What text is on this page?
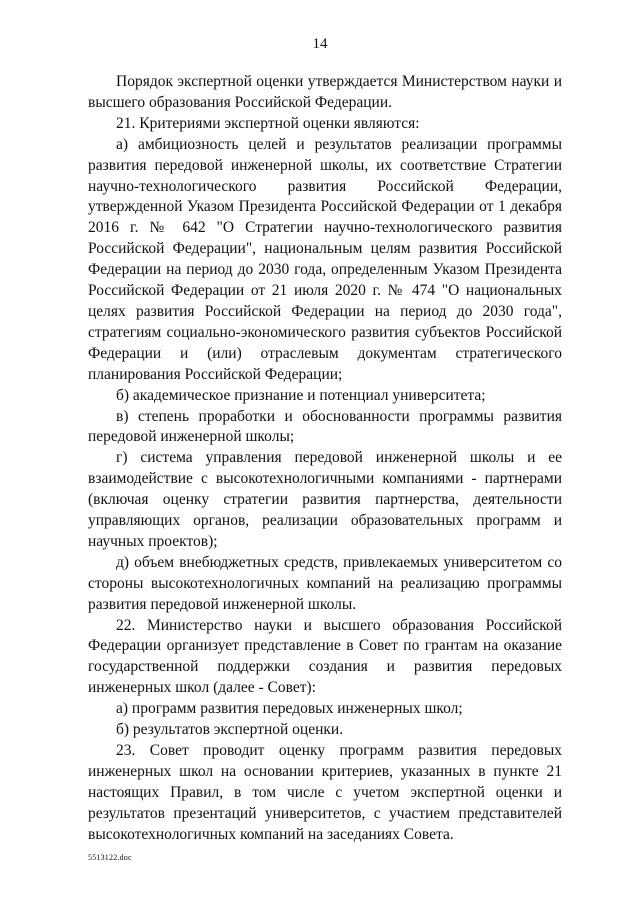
14

Порядок экспертной оценки утверждается Министерством науки и высшего образования Российской Федерации.

21. Критериями экспертной оценки являются:

а) амбициозность целей и результатов реализации программы развития передовой инженерной школы, их соответствие Стратегии научно-технологического развития Российской Федерации, утвержденной Указом Президента Российской Федерации от 1 декабря 2016 г. № 642 "О Стратегии научно-технологического развития Российской Федерации", национальным целям развития Российской Федерации на период до 2030 года, определенным Указом Президента Российской Федерации от 21 июля 2020 г. № 474 "О национальных целях развития Российской Федерации на период до 2030 года", стратегиям социально-экономического развития субъектов Российской Федерации и (или) отраслевым документам стратегического планирования Российской Федерации;

б) академическое признание и потенциал университета;

в) степень проработки и обоснованности программы развития передовой инженерной школы;

г) система управления передовой инженерной школы и ее взаимодействие с высокотехнологичными компаниями - партнерами (включая оценку стратегии развития партнерства, деятельности управляющих органов, реализации образовательных программ и научных проектов);

д) объем внебюджетных средств, привлекаемых университетом со стороны высокотехнологичных компаний на реализацию программы развития передовой инженерной школы.

22. Министерство науки и высшего образования Российской Федерации организует представление в Совет по грантам на оказание государственной поддержки создания и развития передовых инженерных школ (далее - Совет):

а) программ развития передовых инженерных школ;

б) результатов экспертной оценки.

23. Совет проводит оценку программ развития передовых инженерных школ на основании критериев, указанных в пункте 21 настоящих Правил, в том числе с учетом экспертной оценки и результатов презентаций университетов, с участием представителей высокотехнологичных компаний на заседаниях Совета.

5513122.doc
